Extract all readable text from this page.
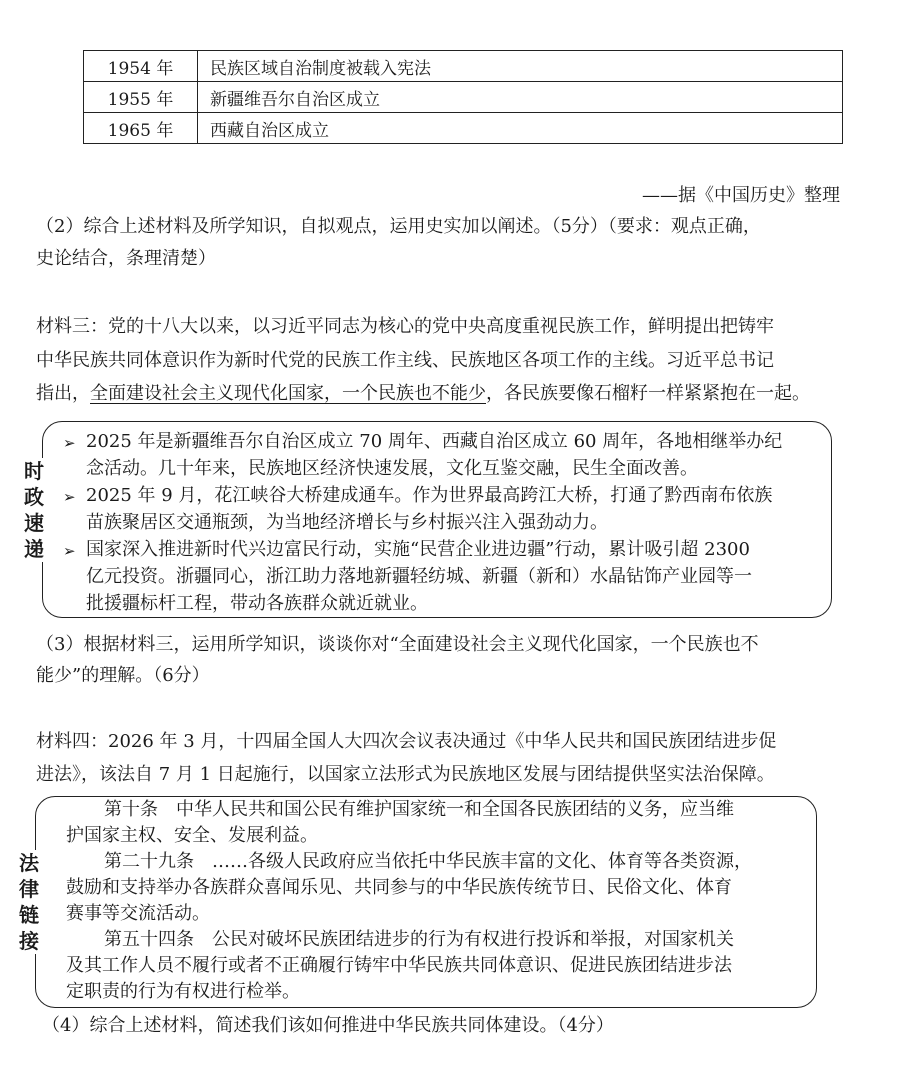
1954 年	民族区域自治制度被载入宪法
1955 年	新疆维吾尔自治区成立
1965 年	西藏自治区成立
——据《中国历史》整理
（2）综合上述材料及所学知识，自拟观点，运用史实加以阐述。（5分）（要求：观点正确，
史论结合，条理清楚）
材料三：党的十八大以来，以习近平同志为核心的党中央高度重视民族工作，鲜明提出把铸牢
中华民族共同体意识作为新时代党的民族工作主线、民族地区各项工作的主线。习近平总书记
指出，全面建设社会主义现代化国家，一个民族也不能少，各民族要像石榴籽一样紧紧抱在一起。
时
政
速
递
➢ 2025 年是新疆维吾尔自治区成立 70 周年、西藏自治区成立 60 周年，各地相继举办纪
念活动。几十年来，民族地区经济快速发展，文化互鉴交融，民生全面改善。
➢ 2025 年 9 月，花江峡谷大桥建成通车。作为世界最高跨江大桥，打通了黔西南布依族
苗族聚居区交通瓶颈，为当地经济增长与乡村振兴注入强劲动力。
➢ 国家深入推进新时代兴边富民行动，实施“民营企业进边疆”行动，累计吸引超 2300
亿元投资。浙疆同心，浙江助力落地新疆轻纺城、新疆（新和）水晶钻饰产业园等一
批援疆标杆工程，带动各族群众就近就业。
（3）根据材料三，运用所学知识，谈谈你对“全面建设社会主义现代化国家，一个民族也不
能少”的理解。（6分）
材料四：2026 年 3 月，十四届全国人大四次会议表决通过《中华人民共和国民族团结进步促
进法》，该法自 7 月 1 日起施行，以国家立法形式为民族地区发展与团结提供坚实法治保障。
法
律
链
接
第十条　中华人民共和国公民有维护国家统一和全国各民族团结的义务，应当维
护国家主权、安全、发展利益。
第二十九条　……各级人民政府应当依托中华民族丰富的文化、体育等各类资源，
鼓励和支持举办各族群众喜闻乐见、共同参与的中华民族传统节日、民俗文化、体育
赛事等交流活动。
第五十四条　公民对破坏民族团结进步的行为有权进行投诉和举报，对国家机关
及其工作人员不履行或者不正确履行铸牢中华民族共同体意识、促进民族团结进步法
定职责的行为有权进行检举。
（4）综合上述材料，简述我们该如何推进中华民族共同体建设。（4分）
